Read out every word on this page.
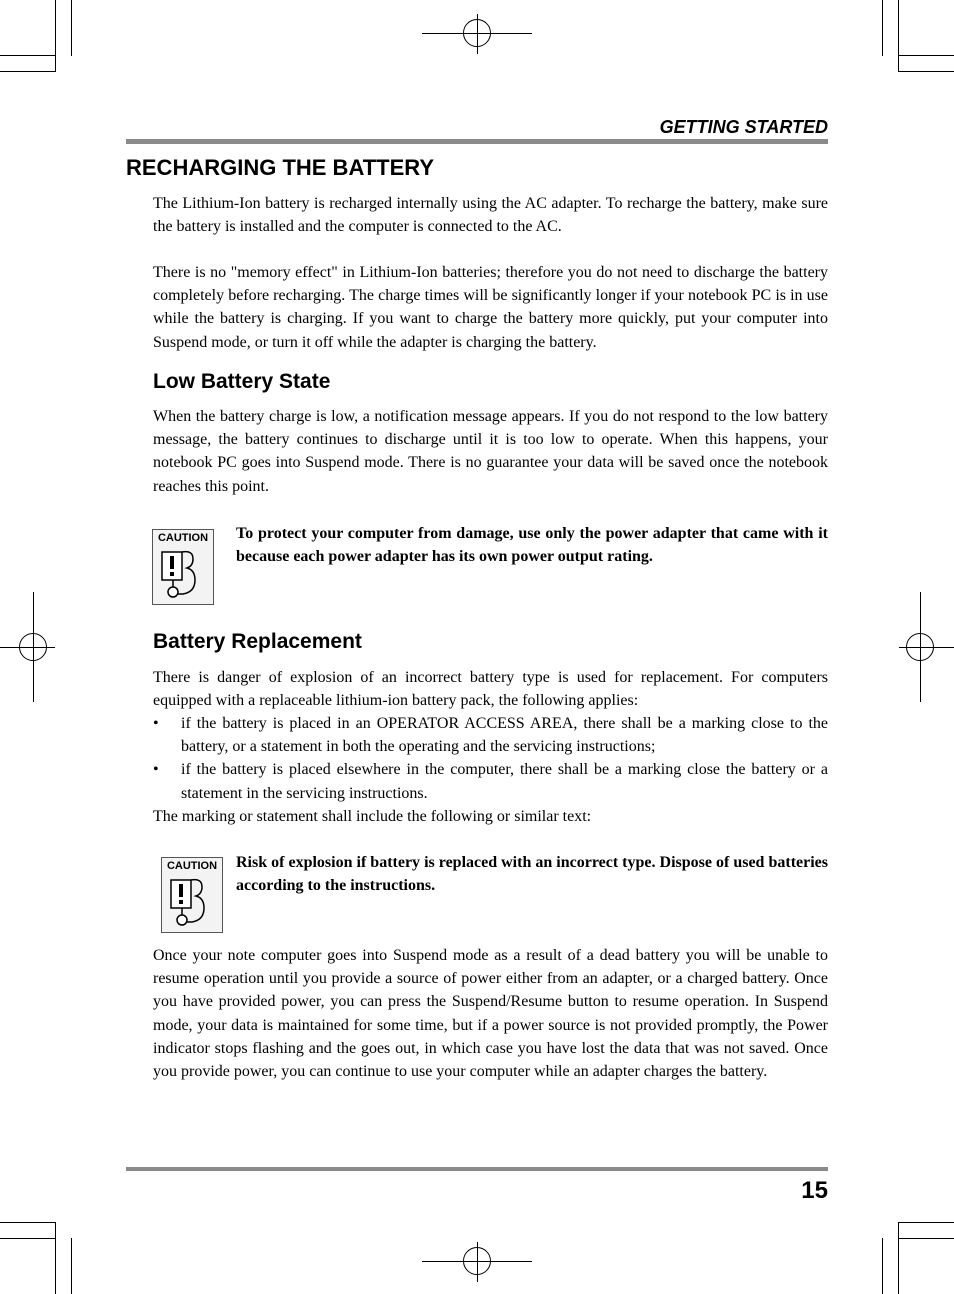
GETTING STARTED
RECHARGING THE BATTERY

The Lithium-Ion battery is recharged internally using the AC adapter. To recharge the battery, make sure the battery is installed and the computer is connected to the AC.

There is no "memory effect" in Lithium-Ion batteries; therefore you do not need to discharge the battery completely before recharging. The charge times will be significantly longer if your notebook PC is in use while the battery is charging. If you want to charge the battery more quickly, put your computer into Suspend mode, or turn it off while the adapter is charging the battery.

Low Battery State

When the battery charge is low, a notification message appears. If you do not respond to the low battery message, the battery continues to discharge until it is too low to operate. When this happens, your notebook PC goes into Suspend mode. There is no guarantee your data will be saved once the notebook reaches this point.

CAUTION	To protect your computer from damage, use only the power adapter that came with it because each power adapter has its own power output rating.

Battery Replacement

There is danger of explosion of an incorrect battery type is used for replacement. For computers equipped with a replaceable lithium-ion battery pack, the following applies:

• if the battery is placed in an OPERATOR ACCESS AREA, there shall be a marking close to the battery, or a statement in both the operating and the servicing instructions;
• if the battery is placed elsewhere in the computer, there shall be a marking close the battery or a statement in the servicing instructions.

The marking or statement shall include the following or similar text:

CAUTION	Risk of explosion if battery is replaced with an incorrect type. Dispose of used batteries according to the instructions.

Once your note computer goes into Suspend mode as a result of a dead battery you will be unable to resume operation until you provide a source of power either from an adapter, or a charged battery. Once you have provided power, you can press the Suspend/Resume button to resume operation. In Suspend mode, your data is maintained for some time, but if a power source is not provided promptly, the Power indicator stops flashing and the goes out, in which case you have lost the data that was not saved. Once you provide power, you can continue to use your computer while an adapter charges the battery.

15
